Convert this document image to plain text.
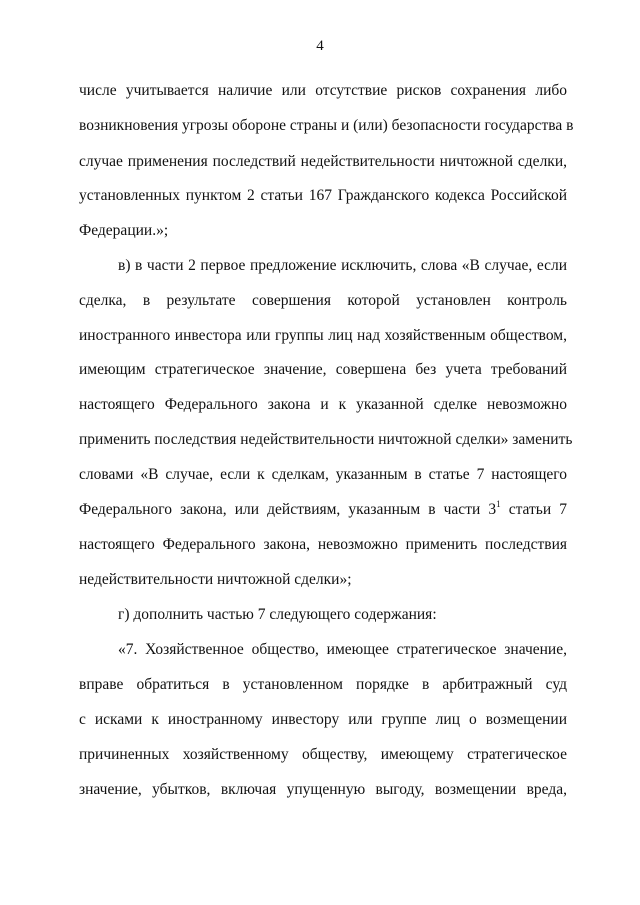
4
числе учитывается наличие или отсутствие рисков сохранения либо
возникновения угрозы обороне страны и (или) безопасности государства в
случае применения последствий недействительности ничтожной сделки,
установленных пунктом 2 статьи 167 Гражданского кодекса Российской
Федерации.»;
в) в части 2 первое предложение исключить, слова «В случае, если
сделка, в результате совершения которой установлен контроль
иностранного инвестора или группы лиц над хозяйственным обществом,
имеющим стратегическое значение, совершена без учета требований
настоящего Федерального закона и к указанной сделке невозможно
применить последствия недействительности ничтожной сделки» заменить
словами «В случае, если к сделкам, указанным в статье 7 настоящего
Федерального закона, или действиям, указанным в части $3^1$ статьи 7
настоящего Федерального закона, невозможно применить последствия
недействительности ничтожной сделки»;
г) дополнить частью 7 следующего содержания:
«7. Хозяйственное общество, имеющее стратегическое значение,
вправе обратиться в установленном порядке в арбитражный суд
с исками к иностранному инвестору или группе лиц о возмещении
причиненных хозяйственному обществу, имеющему стратегическое
значение, убытков, включая упущенную выгоду, возмещении вреда,
